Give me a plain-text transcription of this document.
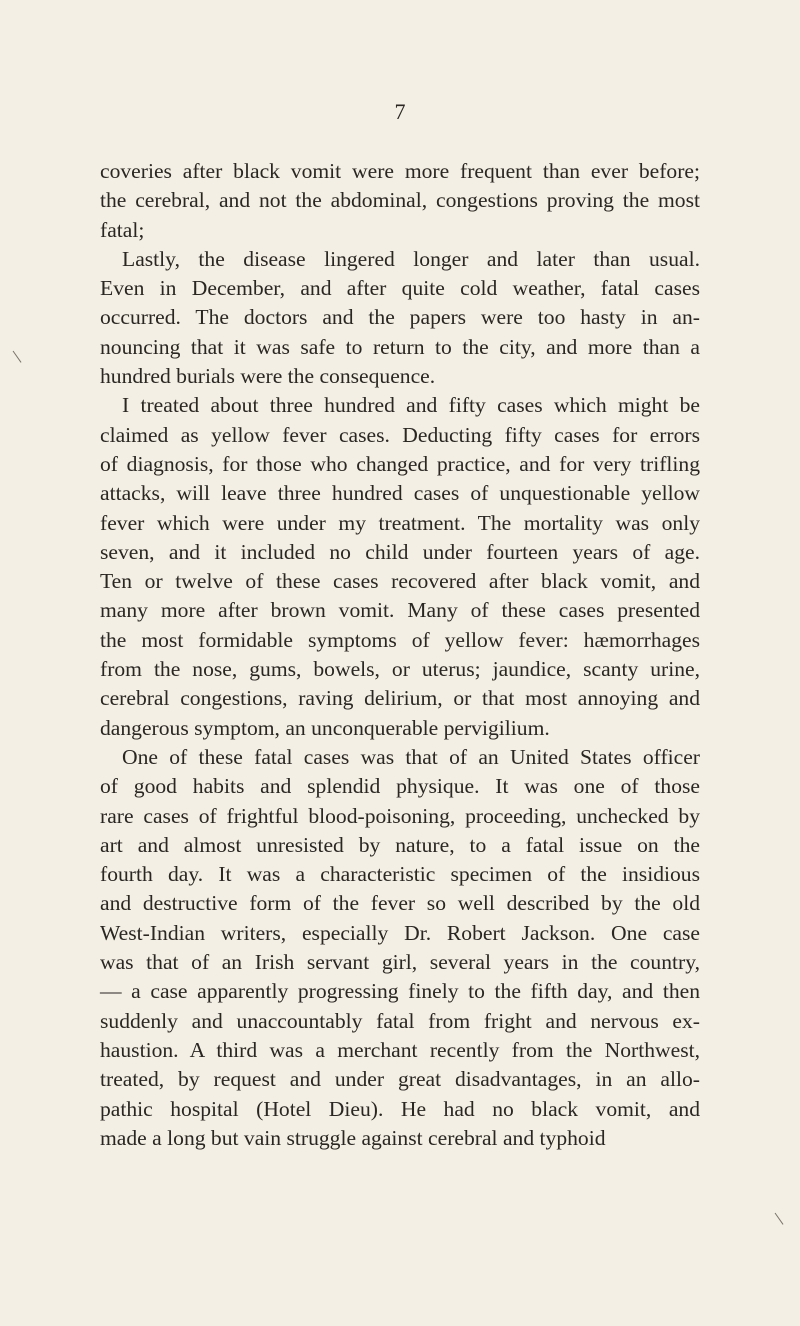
7
coveries after black vomit were more frequent than ever before;
the cerebral, and not the abdominal, congestions proving the most
fatal;
Lastly, the disease lingered longer and later than usual.
Even in December, and after quite cold weather, fatal cases
occurred. The doctors and the papers were too hasty in an-
nouncing that it was safe to return to the city, and more than a
hundred burials were the consequence.
I treated about three hundred and fifty cases which might be
claimed as yellow fever cases. Deducting fifty cases for errors
of diagnosis, for those who changed practice, and for very trifling
attacks, will leave three hundred cases of unquestionable yellow
fever which were under my treatment. The mortality was only
seven, and it included no child under fourteen years of age.
Ten or twelve of these cases recovered after black vomit, and
many more after brown vomit. Many of these cases presented
the most formidable symptoms of yellow fever: hæmorrhages
from the nose, gums, bowels, or uterus; jaundice, scanty urine,
cerebral congestions, raving delirium, or that most annoying and
dangerous symptom, an unconquerable pervigilium.
One of these fatal cases was that of an United States officer
of good habits and splendid physique. It was one of those
rare cases of frightful blood-poisoning, proceeding, unchecked by
art and almost unresisted by nature, to a fatal issue on the
fourth day. It was a characteristic specimen of the insidious
and destructive form of the fever so well described by the old
West-Indian writers, especially Dr. Robert Jackson. One case
was that of an Irish servant girl, several years in the country,
— a case apparently progressing finely to the fifth day, and then
suddenly and unaccountably fatal from fright and nervous ex-
haustion. A third was a merchant recently from the Northwest,
treated, by request and under great disadvantages, in an allo-
pathic hospital (Hotel Dieu). He had no black vomit, and
made a long but vain struggle against cerebral and typhoid
